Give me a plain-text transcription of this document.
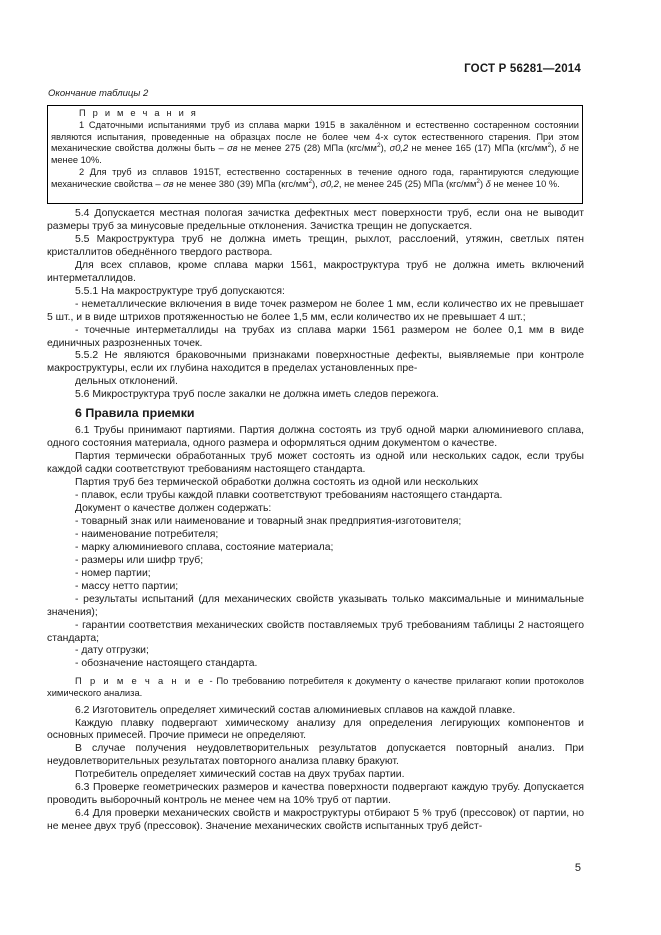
ГОСТ Р 56281—2014
Окончание таблицы 2

П р и м е ч а н и я

1 Сдаточными испытаниями труб из сплава марки 1915 в закалённом и естественно состаренном состоянии являются испытания, проведенные на образцах после не более чем 4-х суток естественного старения. При этом механические свойства должны быть – σв не менее 275 (28) МПа $(кгс/мм^2)$, σ0,2 не менее 165 (17) МПа $(кгс/мм^2)$, δ не менее 10%.

2 Для труб из сплавов 1915Т, естественно состаренных в течение одного года, гарантируются следующие механические свойства – σв не менее 380 (39) МПа $(кгс/мм^2)$, σ0,2, не менее 245 (25) МПа $(кгс/мм^2)$ δ не менее 10 %.

5.4 Допускается местная пологая зачистка дефектных мест поверхности труб, если она не выводит размеры труб за минусовые предельные отклонения. Зачистка трещин не допускается.

5.5 Макроструктура труб не должна иметь трещин, рыхлот, расслоений, утяжин, светлых пятен кристаллитов обеднённого твердого раствора.

Для всех сплавов, кроме сплава марки 1561, макроструктура труб не должна иметь включений интерметаллидов.

5.5.1 На макроструктуре труб допускаются:

- неметаллические включения в виде точек размером не более 1 мм, если количество их не превышает 5 шт., и в виде штрихов протяженностью не более 1,5 мм, если количество их не превышает 4 шт.;

- точечные интерметаллиды на трубах из сплава марки 1561 размером не более 0,1 мм в виде единичных разрозненных точек.

5.5.2 Не являются браковочными признаками поверхностные дефекты, выявляемые при контроле макроструктуры, если их глубина находится в пределах установленных пре-

дельных отклонений.

5.6 Микроструктура труб после закалки не должна иметь следов пережога.

6 Правила приемки

6.1 Трубы принимают партиями. Партия должна состоять из труб одной марки алюминиевого сплава, одного состояния материала, одного размера и оформляться одним документом о качестве.

Партия термически обработанных труб может состоять из одной или нескольких садок, если трубы каждой садки соответствуют требованиям настоящего стандарта.

Партия труб без термической обработки должна состоять из одной или нескольких

- плавок, если трубы каждой плавки соответствуют требованиям настоящего стандарта.

Документ о качестве должен содержать:

- товарный знак или наименование и товарный знак предприятия-изготовителя;

- наименование потребителя;

- марку алюминиевого сплава, состояние материала;

- размеры или шифр труб;

- номер партии;

- массу нетто партии;

- результаты испытаний (для механических свойств указывать только максимальные и минимальные значения);

- гарантии соответствия механических свойств поставляемых труб требованиям таблицы 2 настоящего стандарта;

- дату отгрузки;

- обозначение настоящего стандарта.

П р и м е ч а н и е - По требованию потребителя к документу о качестве прилагают копии протоколов химического анализа.

6.2 Изготовитель определяет химический состав алюминиевых сплавов на каждой плавке.

Каждую плавку подвергают химическому анализу для определения легирующих компонентов и основных примесей. Прочие примеси не определяют.

В случае получения неудовлетворительных результатов допускается повторный анализ. При неудовлетворительных результатах повторного анализа плавку бракуют.

Потребитель определяет химический состав на двух трубах партии.

6.3 Проверке геометрических размеров и качества поверхности подвергают каждую трубу. Допускается проводить выборочный контроль не менее чем на 10% труб от партии.

6.4 Для проверки механических свойств и макроструктуры отбирают 5 % труб (прессовок) от партии, но не менее двух труб (прессовок). Значение механических свойств испытанных труб дейст-

5
